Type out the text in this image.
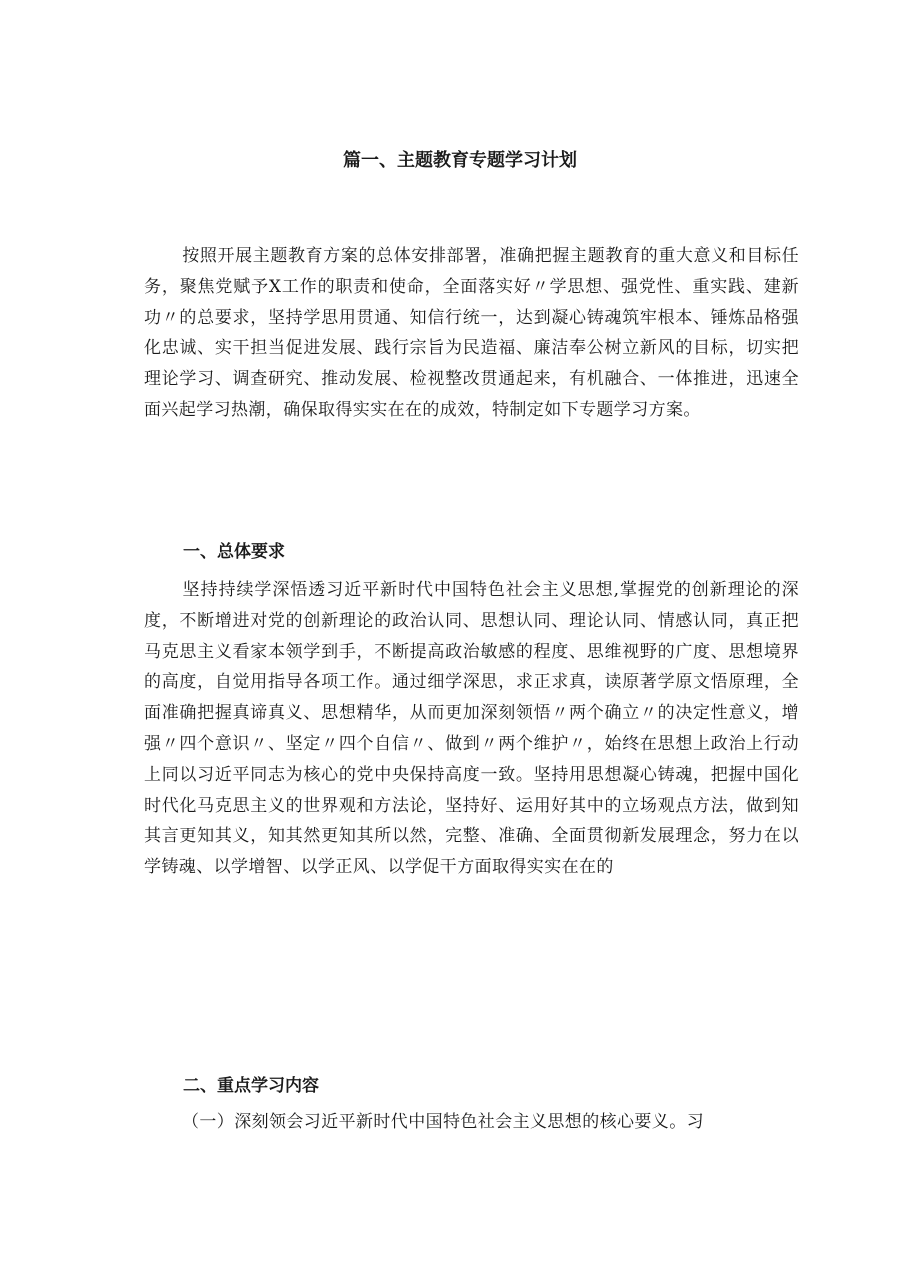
篇一、主题教育专题学习计划
按照开展主题教育方案的总体安排部署，准确把握主题教育的重大意义和目标任务，聚焦党赋予X工作的职责和使命，全面落实好〃学思想、强党性、重实践、建新功〃的总要求，坚持学思用贯通、知信行统一，达到凝心铸魂筑牢根本、锤炼品格强化忠诚、实干担当促进发展、践行宗旨为民造福、廉洁奉公树立新风的目标，切实把理论学习、调查研究、推动发展、检视整改贯通起来，有机融合、一体推进，迅速全面兴起学习热潮，确保取得实实在在的成效，特制定如下专题学习方案。
一、总体要求
坚持持续学深悟透习近平新时代中国特色社会主义思想,掌握党的创新理论的深度，不断增进对党的创新理论的政治认同、思想认同、理论认同、情感认同，真正把马克思主义看家本领学到手，不断提高政治敏感的程度、思维视野的广度、思想境界的高度，自觉用指导各项工作。通过细学深思，求正求真，读原著学原文悟原理，全面准确把握真谛真义、思想精华，从而更加深刻领悟〃两个确立〃的决定性意义，增强〃四个意识〃、坚定〃四个自信〃、做到〃两个维护〃，始终在思想上政治上行动上同以习近平同志为核心的党中央保持高度一致。坚持用思想凝心铸魂，把握中国化时代化马克思主义的世界观和方法论，坚持好、运用好其中的立场观点方法，做到知其言更知其义，知其然更知其所以然，完整、准确、全面贯彻新发展理念，努力在以学铸魂、以学增智、以学正风、以学促干方面取得实实在在的
二、重点学习内容
（一）深刻领会习近平新时代中国特色社会主义思想的核心要义。习
